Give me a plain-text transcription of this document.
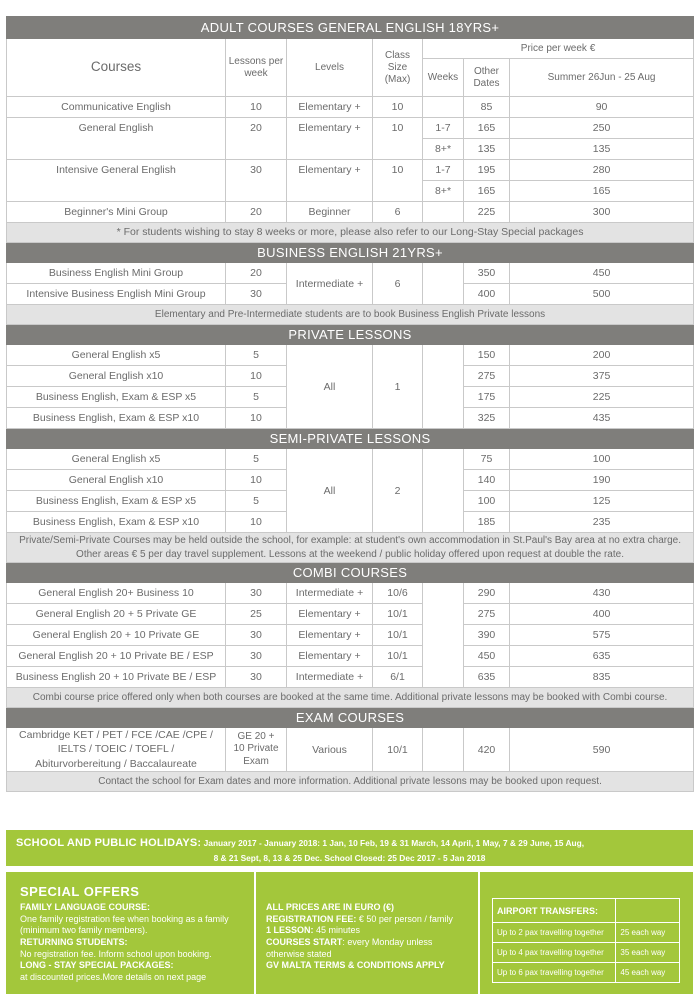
ADULT COURSES GENERAL ENGLISH 18YRS+						
Courses	Lessons per week	Levels	Class Size (Max)	Price per week €		
				Weeks	Other Dates	Summer 26Jun - 25 Aug
Communicative English	10	Elementary +	10		85	90
General English	20	Elementary +	10	1-7	165	250
				8+*	135	135
Intensive General English	30	Elementary +	10	1-7	195	280
				8+*	165	165
Beginner's Mini Group	20	Beginner	6		225	300
* For students wishing to stay 8 weeks or more, please also refer to our Long-Stay Special packages						
BUSINESS ENGLISH 21YRS+						
Business English Mini Group	20	Intermediate +	6		350	450
Intensive Business English Mini Group	30				400	500
Elementary and Pre-Intermediate students are to book Business English Private lessons						
PRIVATE LESSONS						
General English x5	5	All	1		150	200
General English x10	10				275	375
Business English, Exam & ESP x5	5				175	225
Business English, Exam & ESP x10	10				325	435
SEMI-PRIVATE LESSONS						
General English x5	5	All	2		75	100
General English x10	10				140	190
Business English, Exam & ESP x5	5				100	125
Business English, Exam & ESP x10	10				185	235
Private/Semi-Private Courses may be held outside the school, for example: at student's own accommodation in St.Paul's Bay area at no extra charge.
Other areas € 5 per day travel supplement. Lessons at the weekend / public holiday offered upon request at double the rate.						
COMBI COURSES						
General English 20+ Business 10	30	Intermediate +	10/6		290	430
General English 20 + 5 Private GE	25	Elementary +	10/1		275	400
General English 20 + 10 Private GE	30	Elementary +	10/1		390	575
General English 20 + 10 Private BE / ESP	30	Elementary +	10/1		450	635
Business English 20 + 10 Private BE / ESP	30	Intermediate +	6/1		635	835
Combi course price offered only when both courses are booked at the same time. Additional private lessons may be booked with Combi course.						
EXAM COURSES						
Cambridge KET / PET / FCE /CAE /CPE /
IELTS / TOEIC / TOEFL /
Abiturvorbereitung / Baccalaureate	GE 20 +
10 Private
Exam	Various	10/1		420	590
Contact the school for Exam dates and more information. Additional private lessons may be booked upon request.						
SCHOOL AND PUBLIC HOLIDAYS: January 2017 - January 2018: 1 Jan, 10 Feb, 19 & 31 March, 14 April, 1 May, 7 & 29 June, 15 Aug,
8 & 21 Sept, 8, 13 & 25 Dec. School Closed: 25 Dec 2017 - 5 Jan 2018
SPECIAL OFFERS
FAMILY LANGUAGE COURSE:
One family registration fee when booking as a family (minimum two family members).
RETURNING STUDENTS:
No registration fee. Inform school upon booking.
LONG - STAY SPECIAL PACKAGES:
at discounted prices.More details on next page
ALL PRICES ARE IN EURO (€)
REGISTRATION FEE: € 50 per person / family
1 LESSON: 45 minutes
COURSES START: every Monday unless otherwise stated
GV MALTA TERMS & CONDITIONS APPLY
AIRPORT TRANSFERS:	
Up to 2 pax travelling together	25 each way
Up to 4 pax travelling together	35 each way
Up to 6 pax travelling together	45 each way
